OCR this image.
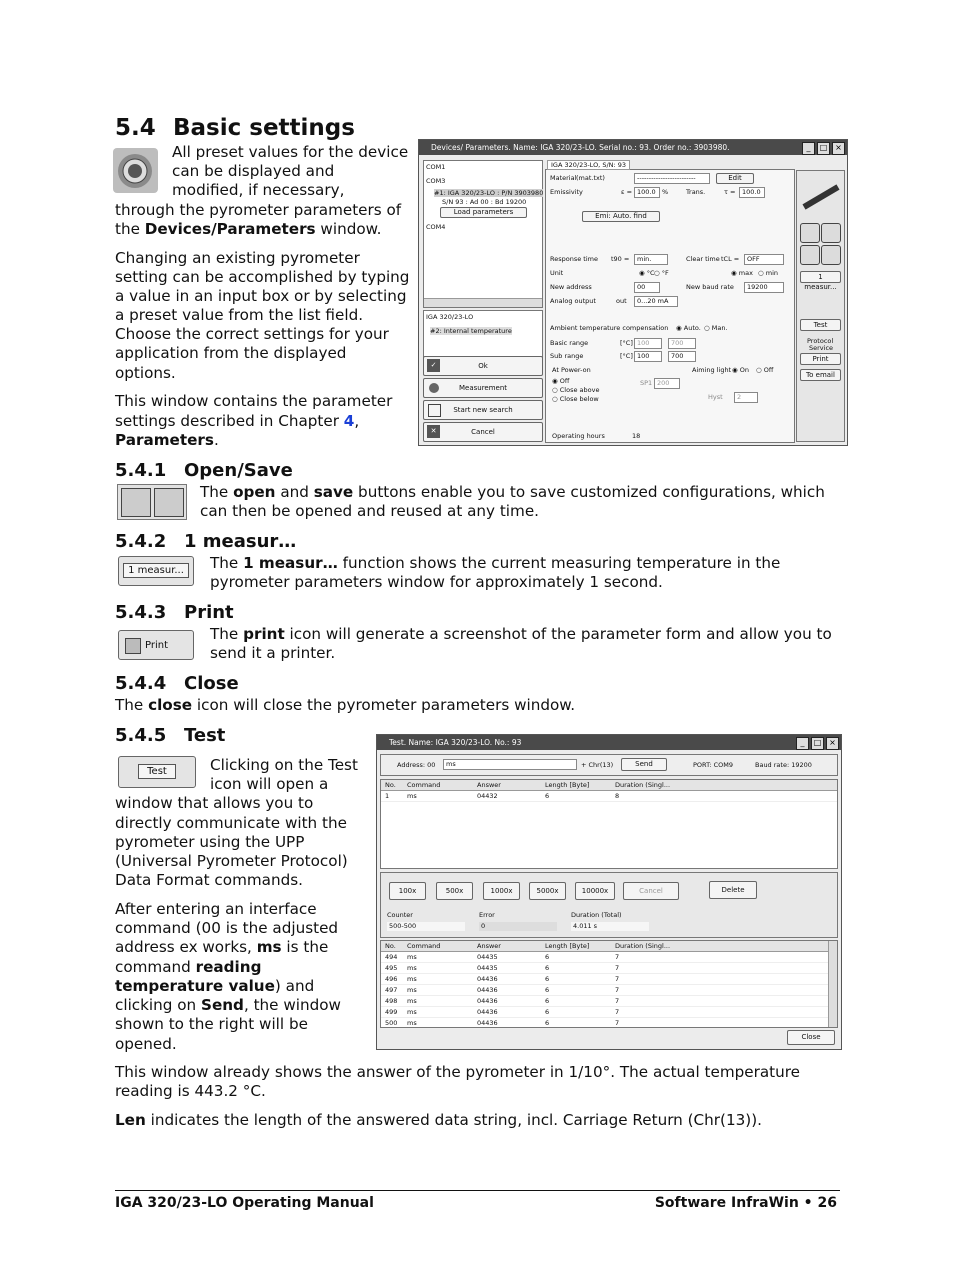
5.4 Basic settings
All preset values for the device
can be displayed and
modified, if necessary,
through the pyrometer parameters of
the Devices/Parameters window.
Changing an existing pyrometer
setting can be accomplished by typing
a value in an input box or by selecting
a preset value from the list field.
Choose the correct settings for your
application from the displayed
options.
This window contains the parameter
settings described in Chapter 4,
Parameters.
Devices/ Parameters. Name: IGA 320/23-LO. Serial no.: 93. Order no.: 3903980.	_	□ ×
COM1
COM3
#1: IGA 320/23-LO : P/N 3903980
S/N 93 : Ad 00 : Bd 19200
Load parameters
COM4
IGA 320/23-LO
#2: Internal temperature
✓	Ok
Measurement
Start new search
✕	Cancel
Material (mat.txt)	-------------------------	Edit
Emissivity	ε = 100.0 %	Trans.	τ =	100.0
Emi: Auto. find
Response time t90 =	min.	Clear time tCL =	OFF
Unit	◉ °C ○ °F	◉ max ○ min
New address	00	New baud rate	19200
Analog output	out	0...20 mA
Ambient temperature compensation ◉ Auto. ○ Man.
Basic range	[°C] 100	700
Sub range	[°C] 100	700
At Power-on	Aiming light ◉ On ○ Off
◉ Off
○ Close above
○ Close below
SP1 200
Hyst	2
Operating hours	18
IGA 320/23-LO, S/N: 93
1 measur...
Test
Protocol
Service
Print
To email
5.4.1 Open/Save
The open and save buttons enable you to save customized configurations, which
can then be opened and reused at any time.
5.4.2 1 measur…
1 measur...	The 1 measur… function shows the current measuring temperature in the
pyrometer parameters window for approximately 1 second.
5.4.3 Print
Print
The print icon will generate a screenshot of the parameter form and allow you to
send it a printer.
5.4.4 Close
The close icon will close the pyrometer parameters window.
5.4.5 Test
Test	Clicking on the Test
icon will open a
window that allows you to
directly communicate with the
pyrometer using the UPP
(Universal Pyrometer Protocol)
Data Format commands.
After entering an interface
command (00 is the adjusted
address ex works, ms is the
command reading
temperature value) and
clicking on Send, the window
shown to the right will be
opened.
Test. Name: IGA 320/23-LO. No.: 93	_	□ ×
Address: 00	ms	+ Chr(13)	Send	PORT: COM9	Baud rate: 19200
No.	Command	Answer	Length [Byte]	Duration (Singl...
1	ms	04432	6	8
100x	500x	1000x	5000x	10000x	Cancel	Delete
Counter
500-500
Error
0
Duration (Total)
4.011 s
No.	Command	Answer	Length [Byte]	Duration (Singl...
494	ms	04435	6	7
495	ms	04435	6	7
496	ms	04436	6	7
497	ms	04436	6	7
498	ms	04436	6	7
499	ms	04436	6	7
500	ms	04436	6	7
Close
This window already shows the answer of the pyrometer in 1/10°. The actual temperature
reading is 443.2 °C.
Len indicates the length of the answered data string, incl. Carriage Return (Chr(13)).
IGA 320/23-LO Operating Manual	Software InfraWin • 26
